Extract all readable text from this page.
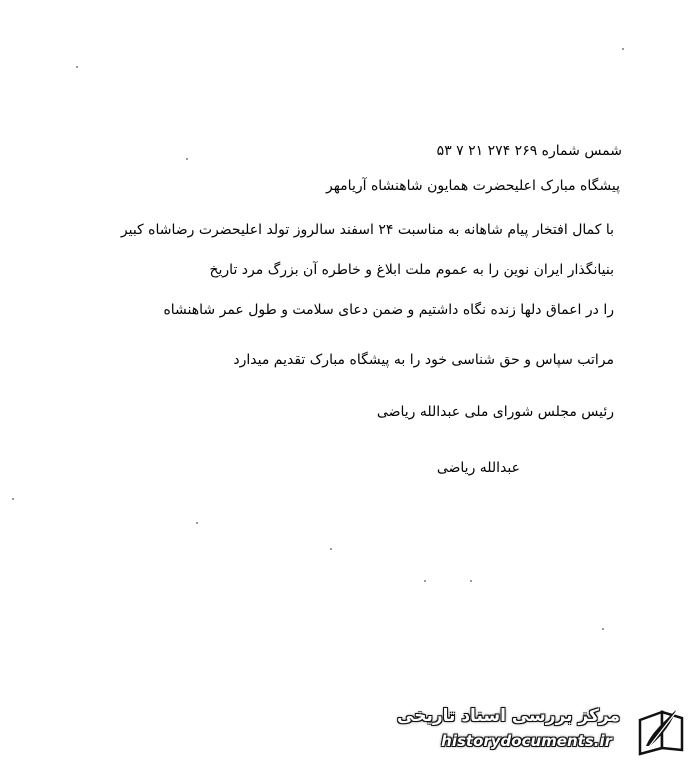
شمس شماره ۲۶۹ ۲۷۴ ۲۱ ۷ ۵۳
پیشگاه مبارک اعلیحضرت همایون شاهنشاه آریامهر
با کمال افتخار پیام شاهانه به مناسبت ۲۴ اسفند سالروز تولد اعلیحضرت رضاشاه کبیر
بنیانگذار ایران نوین را به عموم ملت ابلاغ و خاطره آن بزرگ مرد تاریخ
را در اعماق دلها زنده نگاه داشتیم و ضمن دعای سلامت و طول عمر شاهنشاه
مراتب سپاس و حق شناسی خود را به پیشگاه مبارک تقدیم میدارد
رئیس مجلس شورای ملی عبدالله ریاضی
عبدالله ریاضی
مرکز بررسی اسناد تاریخی
historydocuments.ir
